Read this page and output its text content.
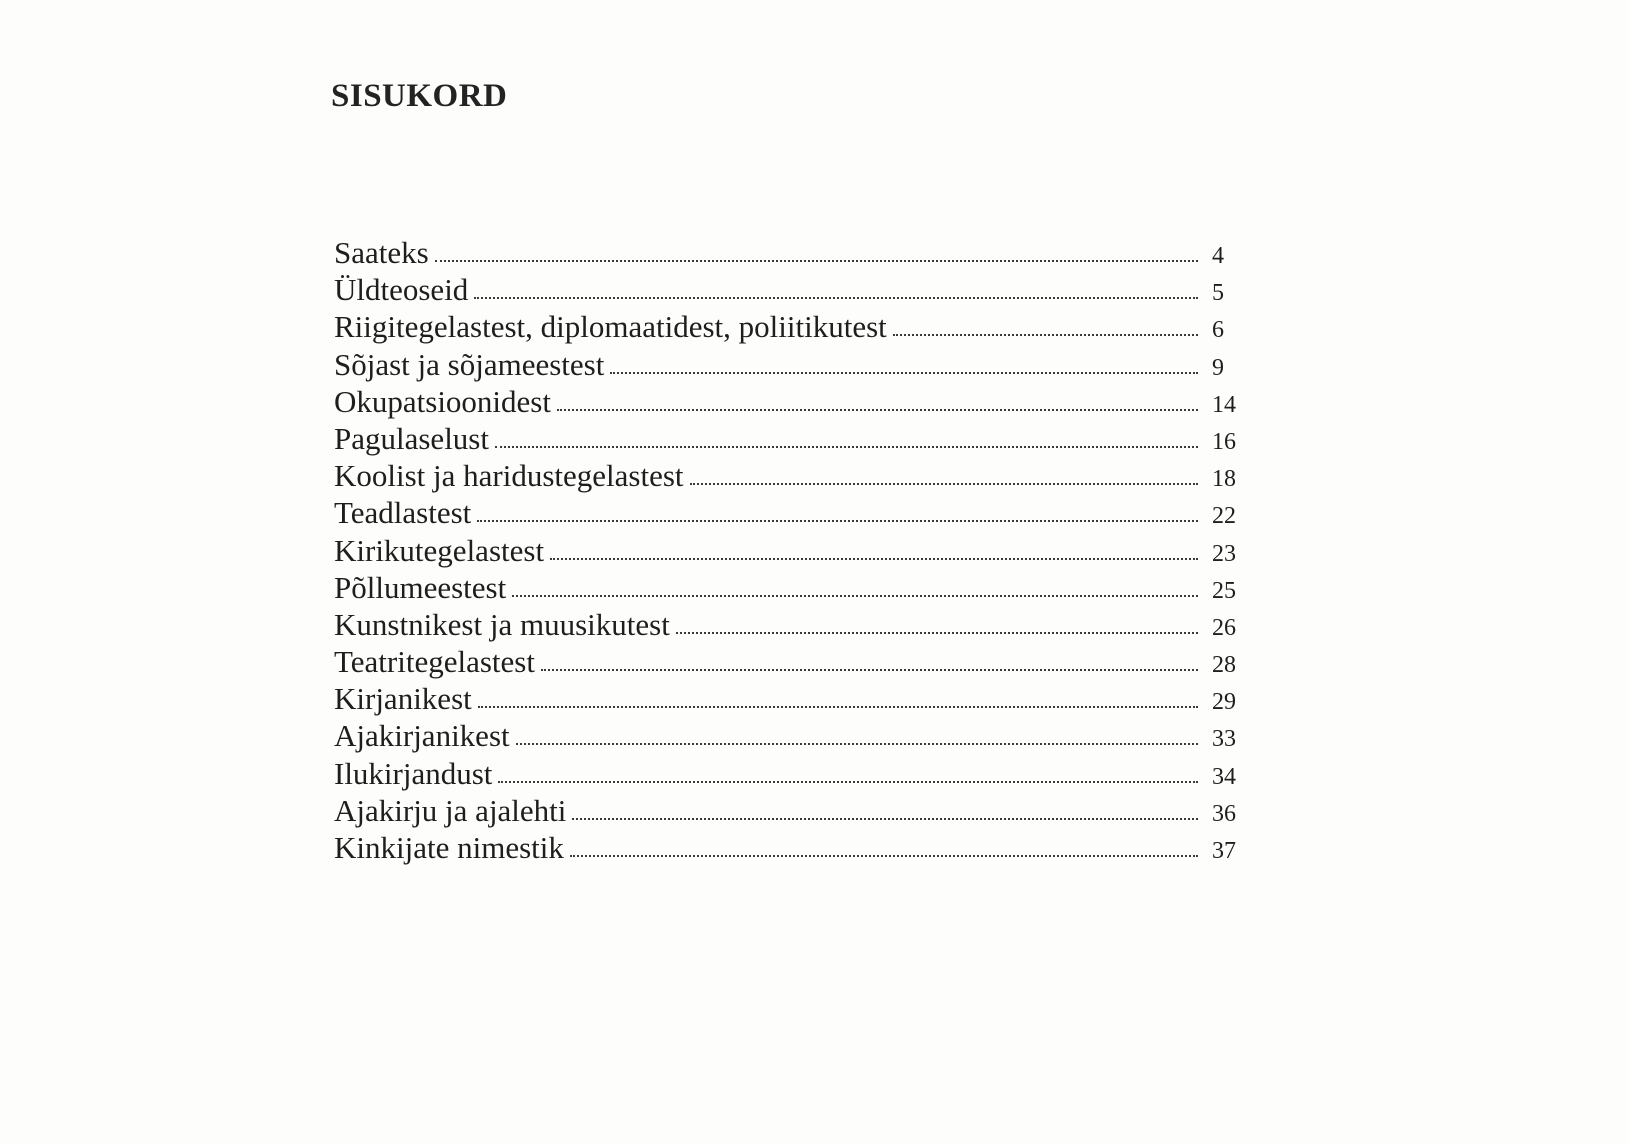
SISUKORD
Saateks	4
Üldteoseid	5
Riigitegelastest, diplomaatidest, poliitikutest	6
Sõjast ja sõjameestest	9
Okupatsioonidest	14
Pagulaselust	16
Koolist ja haridustegelastest	18
Teadlastest	22
Kirikutegelastest	23
Põllumeestest	25
Kunstnikest ja muusikutest	26
Teatritegelastest	28
Kirjanikest	29
Ajakirjanikest	33
Ilukirjandust	34
Ajakirju ja ajalehti	36
Kinkijate nimestik	37
